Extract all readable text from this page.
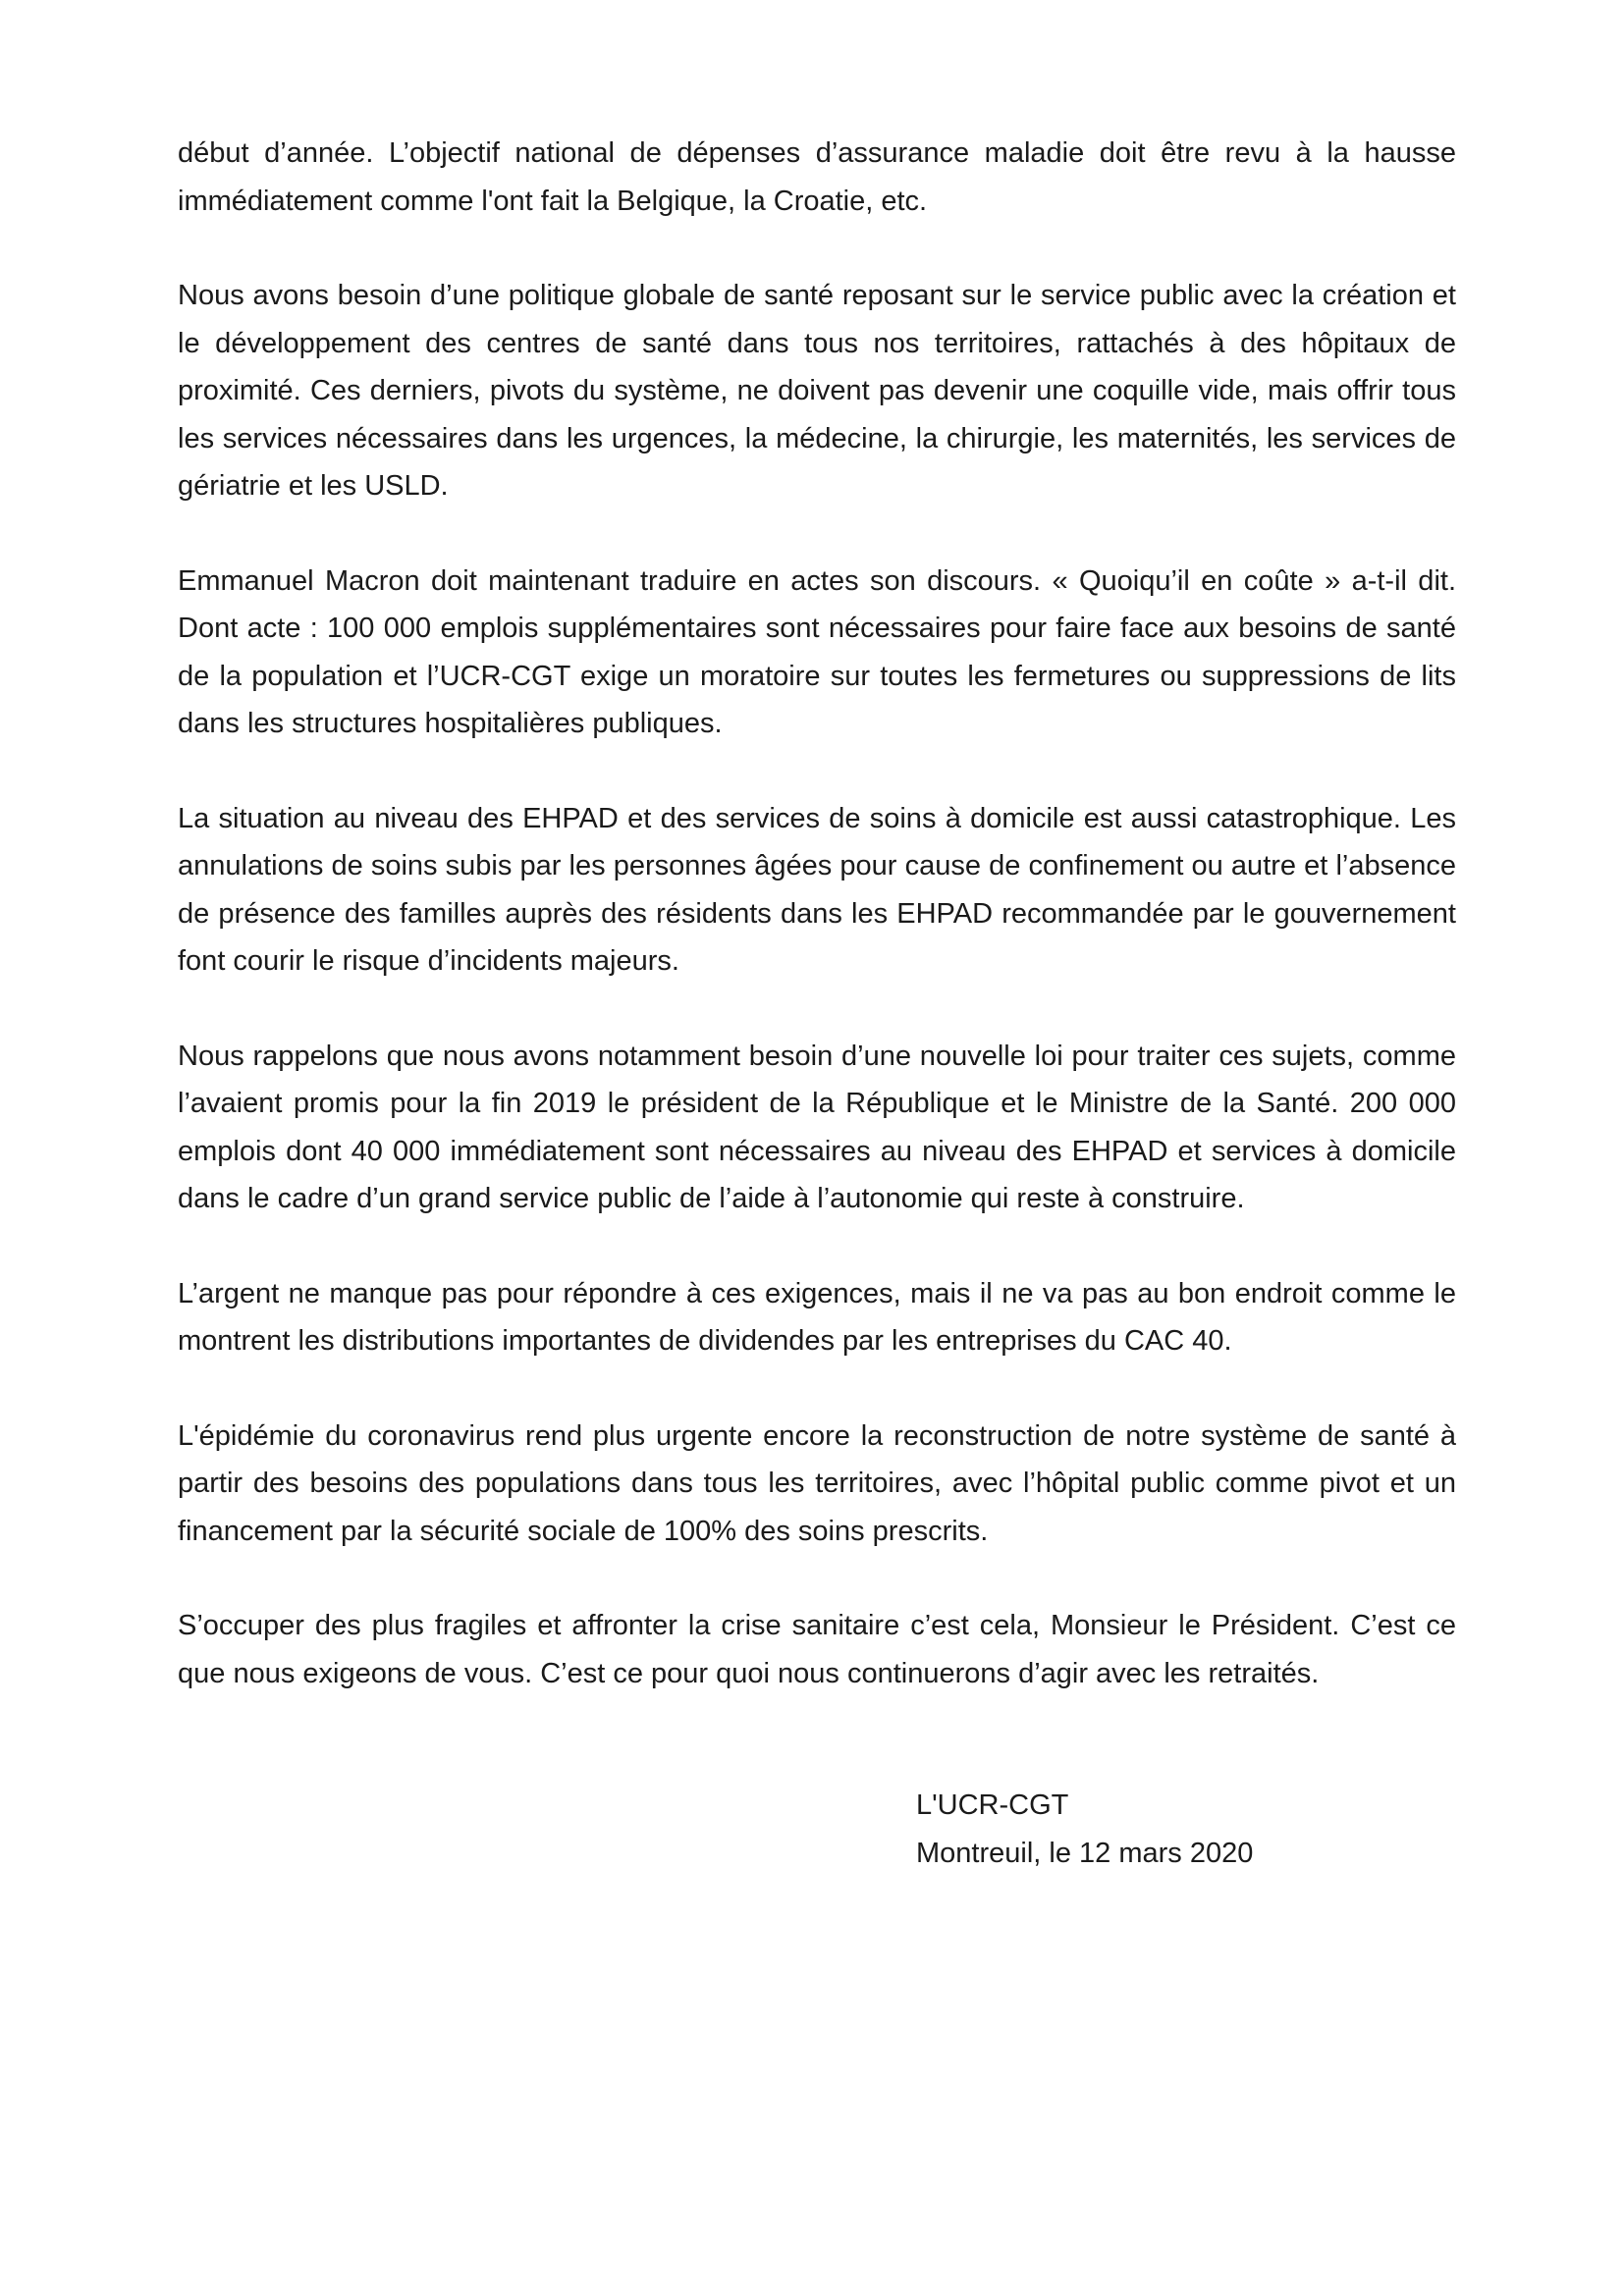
début d’année. L’objectif national de dépenses d’assurance maladie doit être revu à la hausse immédiatement comme l'ont fait la Belgique, la Croatie, etc.

Nous avons besoin d’une politique globale de santé reposant sur le service public avec la création et le développement des centres de santé dans tous nos territoires, rattachés à des hôpitaux de proximité. Ces derniers, pivots du système, ne doivent pas devenir une coquille vide, mais offrir tous les services nécessaires dans les urgences, la médecine, la chirurgie, les maternités, les services de gériatrie et les USLD.

Emmanuel Macron doit maintenant traduire en actes son discours. « Quoiqu’il en coûte » a-t-il dit. Dont acte : 100 000 emplois supplémentaires sont nécessaires pour faire face aux besoins de santé de la population et l’UCR-CGT exige un moratoire sur toutes les fermetures ou suppressions de lits dans les structures hospitalières publiques.

La situation au niveau des EHPAD et des services de soins à domicile est aussi catastrophique. Les annulations de soins subis par les personnes âgées pour cause de confinement ou autre et l’absence de présence des familles auprès des résidents dans les EHPAD recommandée par le gouvernement font courir le risque d’incidents majeurs.

Nous rappelons que nous avons notamment besoin d’une nouvelle loi pour traiter ces sujets, comme l’avaient promis pour la fin 2019 le président de la République et le Ministre de la Santé. 200 000 emplois dont 40 000 immédiatement sont nécessaires au niveau des EHPAD et services à domicile dans le cadre d’un grand service public de l’aide à l’autonomie qui reste à construire.

L’argent ne manque pas pour répondre à ces exigences, mais il ne va pas au bon endroit comme le montrent les distributions importantes de dividendes par les entreprises du CAC 40.

L'épidémie du coronavirus rend plus urgente encore la reconstruction de notre système de santé à partir des besoins des populations dans tous les territoires, avec l’hôpital public comme pivot et un financement par la sécurité sociale de 100% des soins prescrits.

S’occuper des plus fragiles et affronter la crise sanitaire c’est cela, Monsieur le Président. C’est ce que nous exigeons de vous. C’est ce pour quoi nous continuerons d’agir avec les retraités.

L'UCR-CGT
Montreuil, le 12 mars 2020
